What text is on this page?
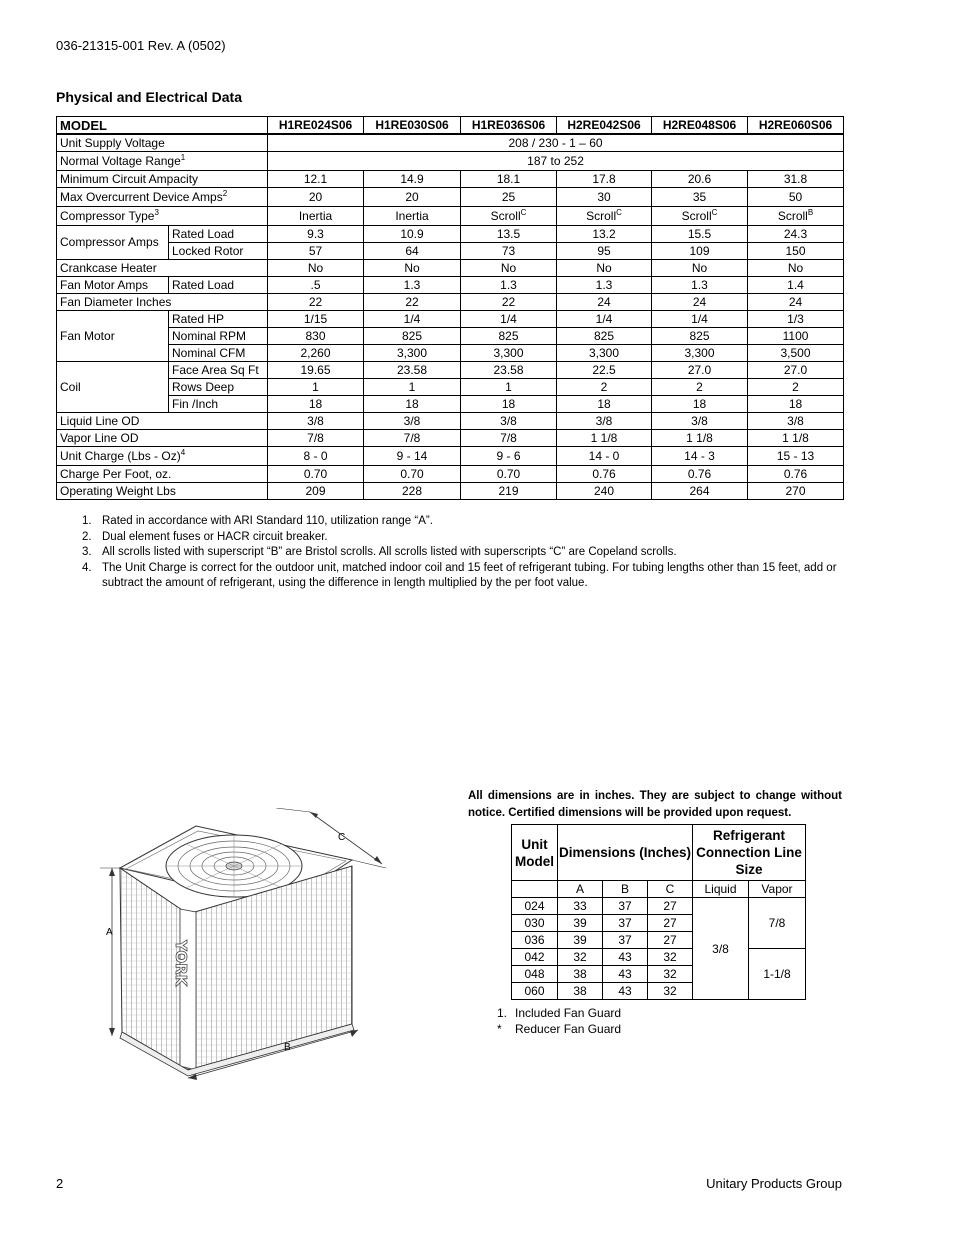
036-21315-001 Rev. A (0502)
Physical and Electrical Data
MODEL		H1RE024S06	H1RE030S06	H1RE036S06	H2RE042S06	H2RE048S06	H2RE060S06
Unit Supply Voltage		208 / 230 - 1 – 60					
Normal Voltage Range$^1$		187 to 252					
Minimum Circuit Ampacity		12.1	14.9	18.1	17.8	20.6	31.8
Max Overcurrent Device Amps$^2$		20	20	25	30	35	50
Compressor Type$^3$		Inertia	Inertia	Scroll$^C$	Scroll$^C$	Scroll$^C$	Scroll$^B$
Compressor Amps	Rated Load	9.3	10.9	13.5	13.2	15.5	24.3
	Locked Rotor	57	64	73	95	109	150
Crankcase Heater		No	No	No	No	No	No
Fan Motor Amps	Rated Load	.5	1.3	1.3	1.3	1.3	1.4
Fan Diameter Inches		22	22	22	24	24	24
Fan Motor	Rated HP	1/15	1/4	1/4	1/4	1/4	1/3
	Nominal RPM	830	825	825	825	825	1100
	Nominal CFM	2,260	3,300	3,300	3,300	3,300	3,500
Coil	Face Area Sq Ft	19.65	23.58	23.58	22.5	27.0	27.0
	Rows Deep	1	1	1	2	2	2
	Fin /Inch	18	18	18	18	18	18
Liquid Line OD		3/8	3/8	3/8	3/8	3/8	3/8
Vapor Line OD		7/8	7/8	7/8	1 1/8	1 1/8	1 1/8
Unit Charge (Lbs - Oz)$^4$		8 - 0	9 - 14	9 - 6	14 - 0	14 - 3	15 - 13
Charge Per Foot, oz.		0.70	0.70	0.70	0.76	0.76	0.76
Operating Weight Lbs		209	228	219	240	264	270
1. Rated in accordance with ARI Standard 110, utilization range “A”.
2. Dual element fuses or HACR circuit breaker.
3. All scrolls listed with superscript “B” are Bristol scrolls. All scrolls listed with superscripts “C” are Copeland scrolls.
4. The Unit Charge is correct for the outdoor unit, matched indoor coil and 15 feet of refrigerant tubing. For tubing lengths other than 15 feet, add or subtract the amount of refrigerant, using the difference in length multiplied by the per foot value.
YORK
A
B
C
All dimensions are in inches. They are subject to change without notice. Certified dimensions will be provided upon request.
Unit Model	Dimensions (Inches)			Refrigerant Connection Line Size	
	A	B	C	Liquid	Vapor
024	33	37	27	3/8	7/8
030	39	37	27		
036	39	37	27		
042	32	43	32		1-1/8
048	38	43	32		
060	38	43	32		
1. Included Fan Guard
* Reducer Fan Guard
2	Unitary Products Group
